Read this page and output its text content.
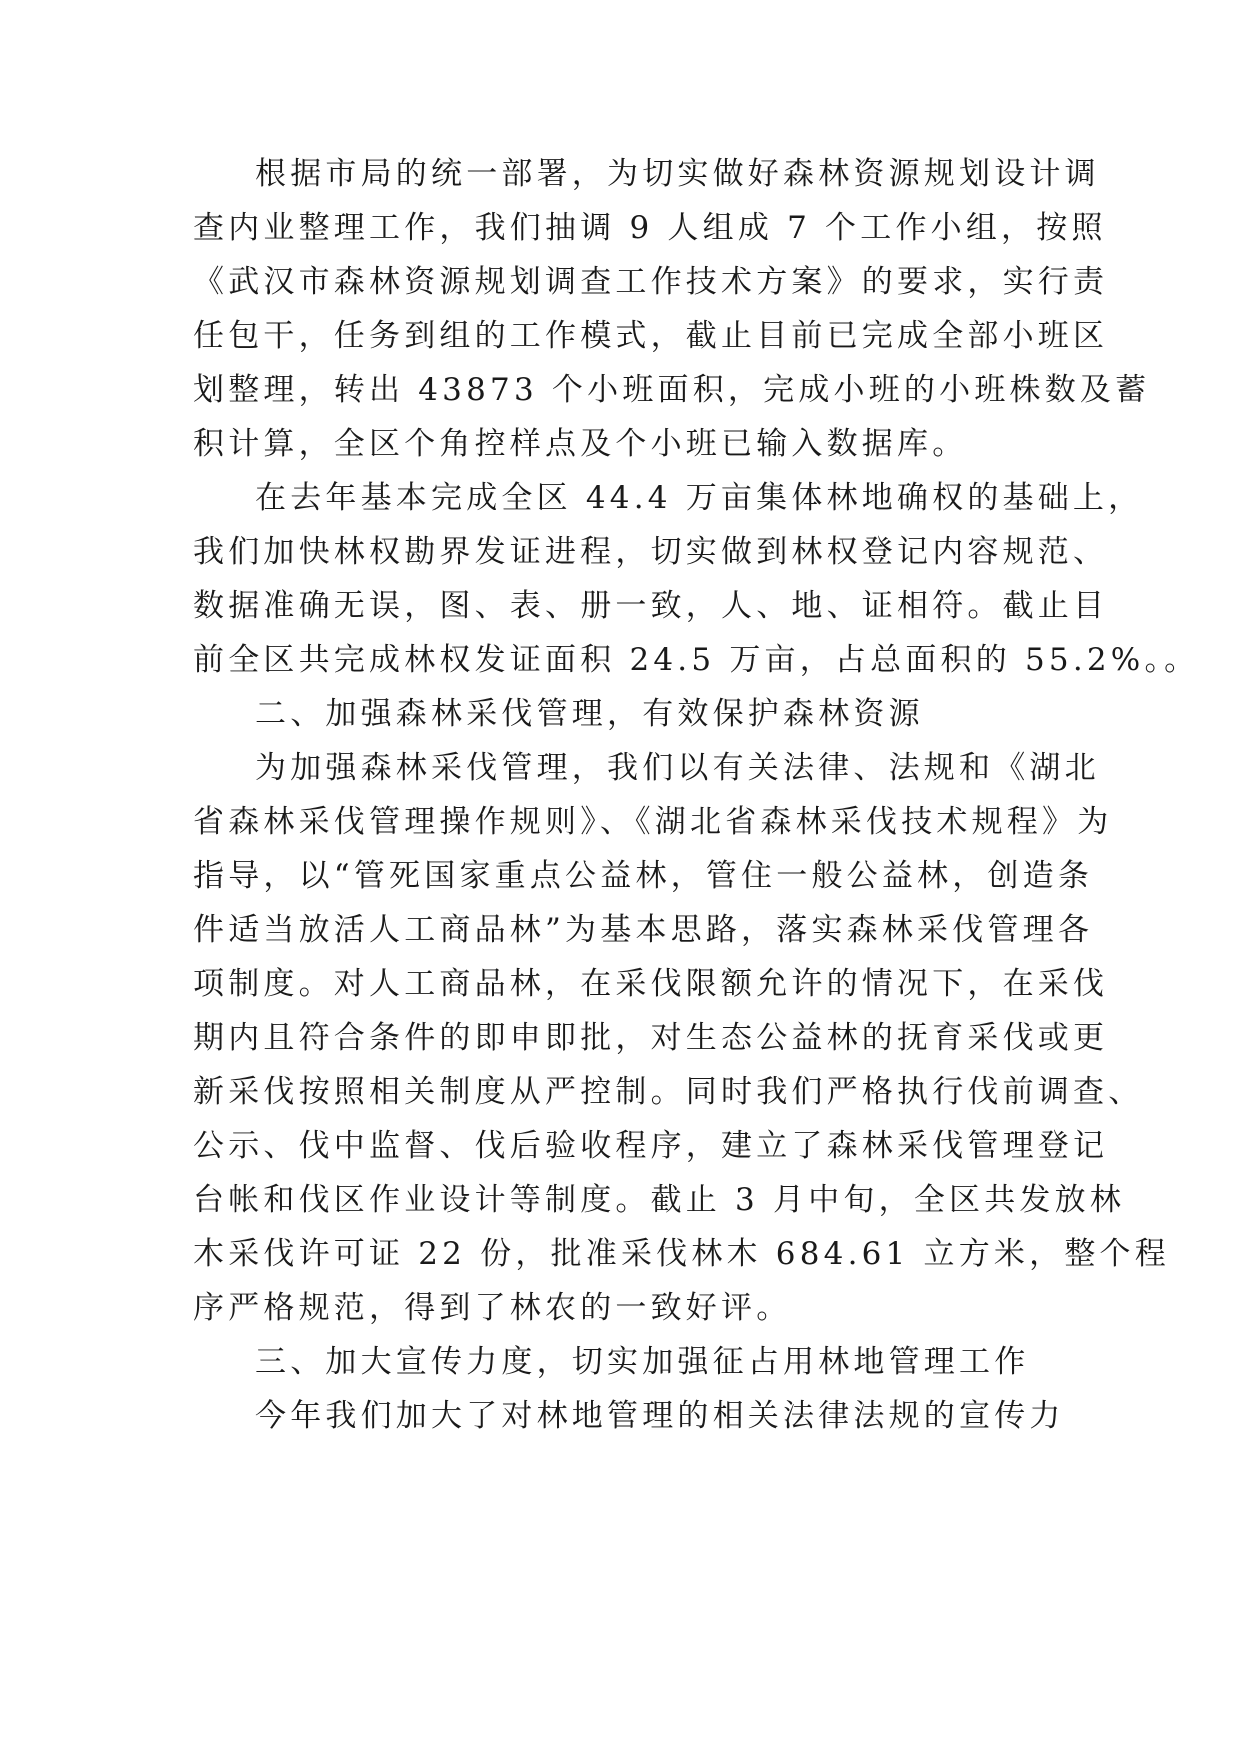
根据市局的统一部署，为切实做好森林资源规划设计调
查内业整理工作，我们抽调 9 人组成 7 个工作小组，按照
《武汉市森林资源规划调查工作技术方案》的要求，实行责
任包干，任务到组的工作模式，截止目前已完成全部小班区
划整理，转出 43873 个小班面积，完成小班的小班株数及蓄
积计算，全区个角控样点及个小班已输入数据库。
在去年基本完成全区 44.4 万亩集体林地确权的基础上，
我们加快林权勘界发证进程，切实做到林权登记内容规范、
数据准确无误，图、表、册一致，人、地、证相符。截止目
前全区共完成林权发证面积 24.5 万亩，占总面积的 55.2%。。
二、加强森林采伐管理，有效保护森林资源
为加强森林采伐管理，我们以有关法律、法规和《湖北
省森林采伐管理操作规则》、《湖北省森林采伐技术规程》为
指导，以“管死国家重点公益林，管住一般公益林，创造条
件适当放活人工商品林”为基本思路，落实森林采伐管理各
项制度。对人工商品林，在采伐限额允许的情况下，在采伐
期内且符合条件的即申即批，对生态公益林的抚育采伐或更
新采伐按照相关制度从严控制。同时我们严格执行伐前调查、
公示、伐中监督、伐后验收程序，建立了森林采伐管理登记
台帐和伐区作业设计等制度。截止 3 月中旬，全区共发放林
木采伐许可证 22 份，批准采伐林木 684.61 立方米，整个程
序严格规范，得到了林农的一致好评。
三、加大宣传力度，切实加强征占用林地管理工作
今年我们加大了对林地管理的相关法律法规的宣传力
